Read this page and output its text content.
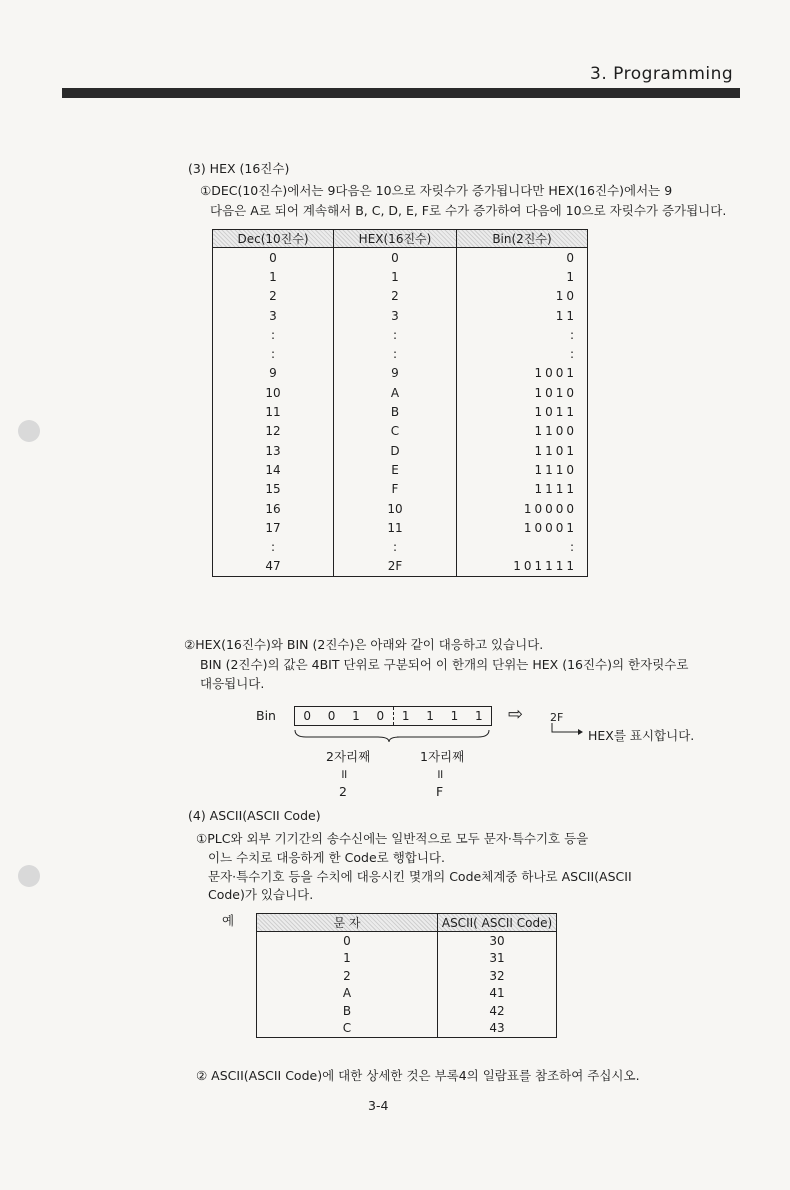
3. Programming
(3) HEX (16진수)
①DEC(10진수)에서는 9다음은 10으로 자릿수가 증가됩니다만 HEX(16진수)에서는 9
다음은 A로 되어 계속해서 B, C, D, E, F로 수가 증가하여 다음에 10으로 자릿수가 증가됩니다.
Dec(10진수)	HEX(16진수)	Bin(2진수)
0	0	0
1	1	1
2	2	10
3	3	11
:	:	:
:	:	:
9	9	1001
10	A	1010
11	B	1011
12	C	1100
13	D	1101
14	E	1110
15	F	1111
16	10	10000
17	11	10001
:	:	:
47	2F	101111
②HEX(16진수)와 BIN (2진수)은 아래와 같이 대응하고 있습니다.
BIN (2진수)의 값은 4BIT 단위로 구분되어 이 한개의 단위는 HEX (16진수)의 한자릿수로
대응됩니다.
Bin 0 0 1 0 1 1 1 1 ⇨ 2F
HEX를 표시합니다.
2자리째	1자리째
॥	॥
2	F
(4) ASCII(ASCII Code)
①PLC와 외부 기기간의 송수신에는 일반적으로 모두 문자·특수기호 등을
이느 수치로 대응하게 한 Code로 행합니다.
문자·특수기호 등을 수치에 대응시킨 몇개의 Code체계중 하나로 ASCII(ASCII
Code)가 있습니다.
예	문 자	ASCII( ASCII Code)
0	30
1	31
2	32
A	41
B	42
C	43
② ASCII(ASCII Code)에 대한 상세한 것은 부록4의 일람표를 참조하여 주십시오.
3-4
